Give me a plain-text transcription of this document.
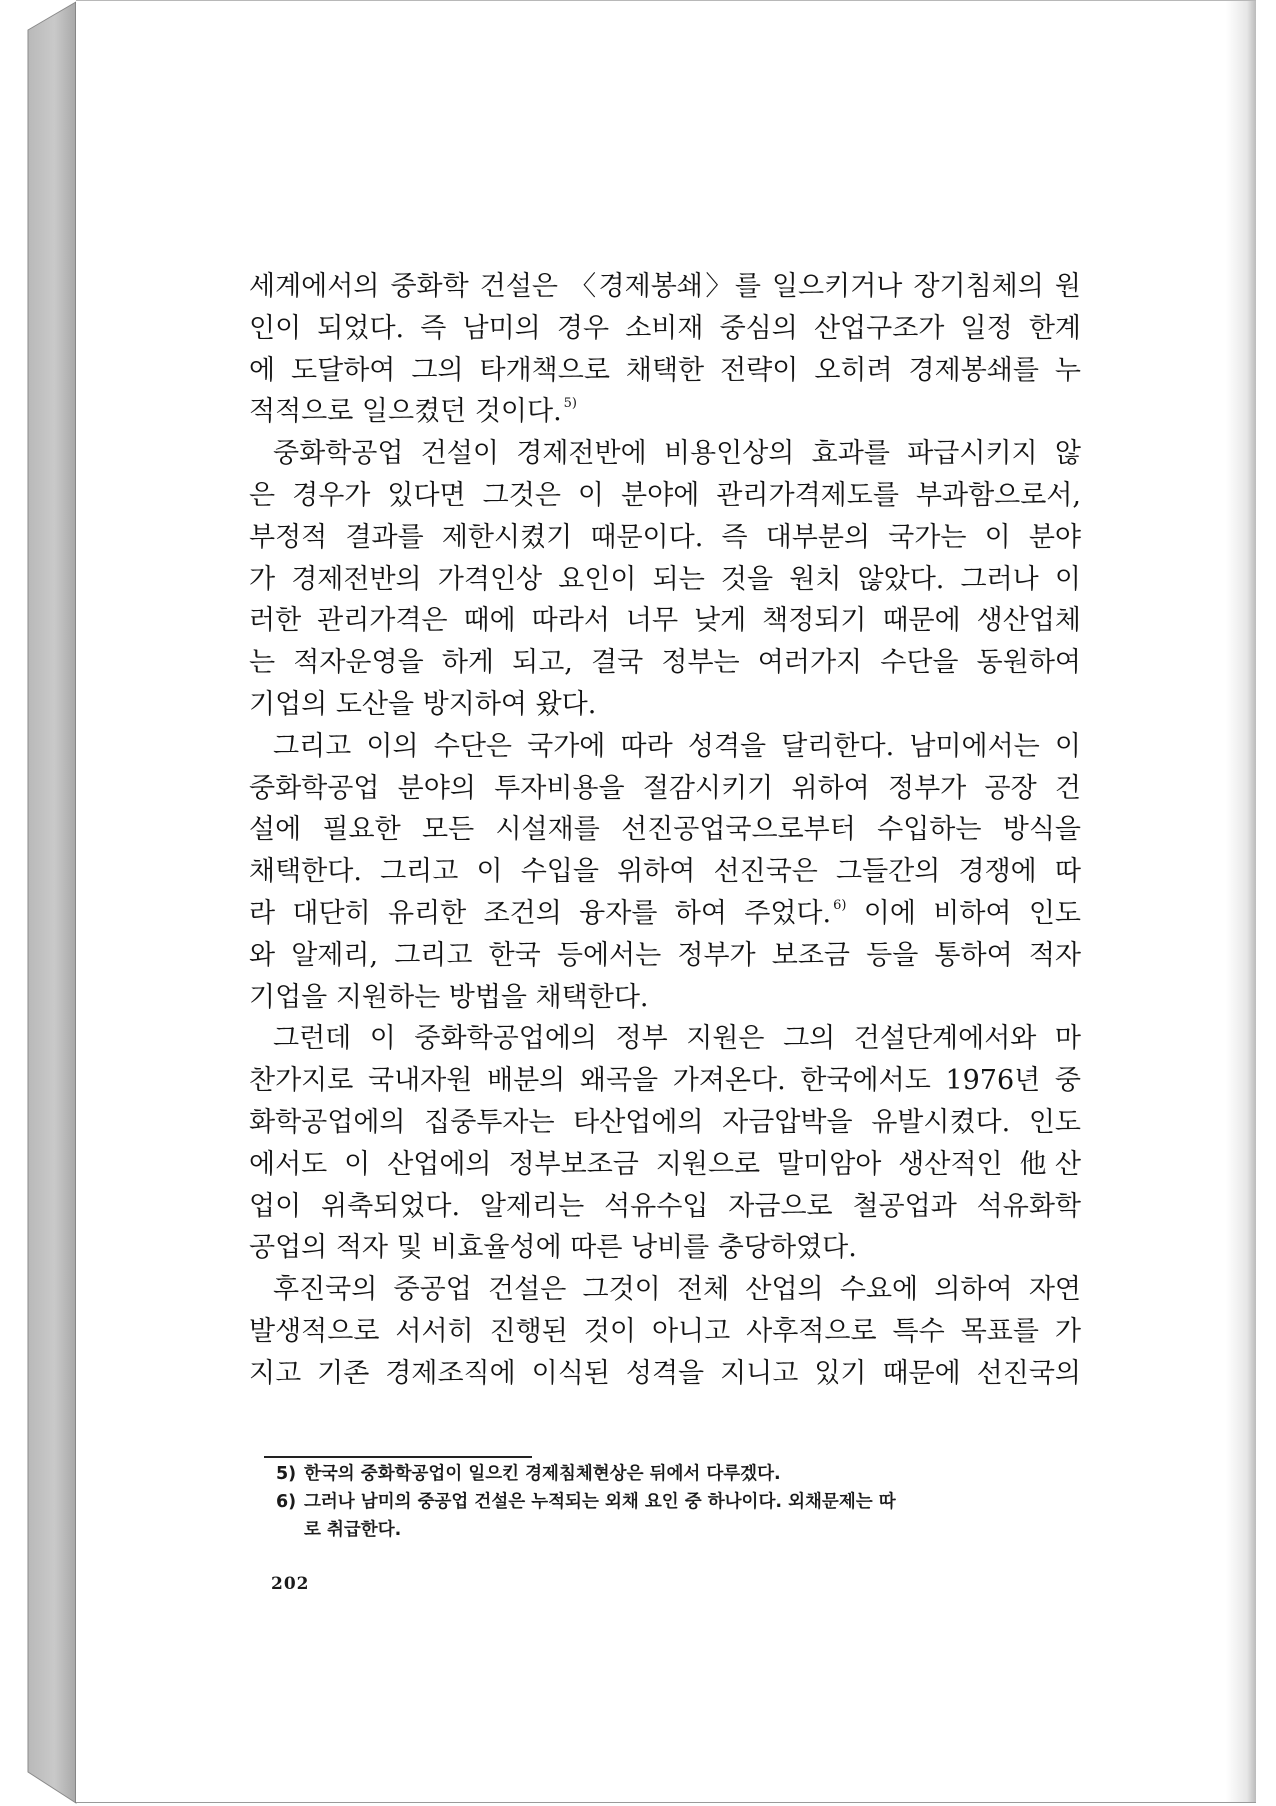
세계에서의 중화학 건설은 〈경제봉쇄〉를 일으키거나 장기침체의 원
인이 되었다. 즉 남미의 경우 소비재 중심의 산업구조가 일정 한계
에 도달하여 그의 타개책으로 채택한 전략이 오히려 경제봉쇄를 누
적적으로 일으켰던 것이다. $^{5)}$
중화학공업 건설이 경제전반에 비용인상의 효과를 파급시키지 않
은 경우가 있다면 그것은 이 분야에 관리가격제도를 부과함으로서,
부정적 결과를 제한시켰기 때문이다. 즉 대부분의 국가는 이 분야
가 경제전반의 가격인상 요인이 되는 것을 원치 않았다. 그러나 이
러한 관리가격은 때에 따라서 너무 낮게 책정되기 때문에 생산업체
는 적자운영을 하게 되고, 결국 정부는 여러가지 수단을 동원하여
기업의 도산을 방지하여 왔다.
그리고 이의 수단은 국가에 따라 성격을 달리한다. 남미에서는 이
중화학공업 분야의 투자비용을 절감시키기 위하여 정부가 공장 건
설에 필요한 모든 시설재를 선진공업국으로부터 수입하는 방식을
채택한다. 그리고 이 수입을 위하여 선진국은 그들간의 경쟁에 따
라 대단히 유리한 조건의 융자를 하여 주었다. $^{6)}$ 이에 비하여 인도
와 알제리, 그리고 한국 등에서는 정부가 보조금 등을 통하여 적자
기업을 지원하는 방법을 채택한다.
그런데 이 중화학공업에의 정부 지원은 그의 건설단계에서와 마
찬가지로 국내자원 배분의 왜곡을 가져온다. 한국에서도 1976년 중
화학공업에의 집중투자는 타산업에의 자금압박을 유발시켰다. 인도
에서도 이 산업에의 정부보조금 지원으로 말미암아 생산적인 他산
업이 위축되었다. 알제리는 석유수입 자금으로 철공업과 석유화학
공업의 적자 및 비효율성에 따른 낭비를 충당하였다.
후진국의 중공업 건설은 그것이 전체 산업의 수요에 의하여 자연
발생적으로 서서히 진행된 것이 아니고 사후적으로 특수 목표를 가
지고 기존 경제조직에 이식된 성격을 지니고 있기 때문에 선진국의
5) 한국의 중화학공업이 일으킨 경제침체현상은 뒤에서 다루겠다.
6) 그러나 남미의 중공업 건설은 누적되는 외채 요인 중 하나이다. 외채문제는 따
로 취급한다.
202
